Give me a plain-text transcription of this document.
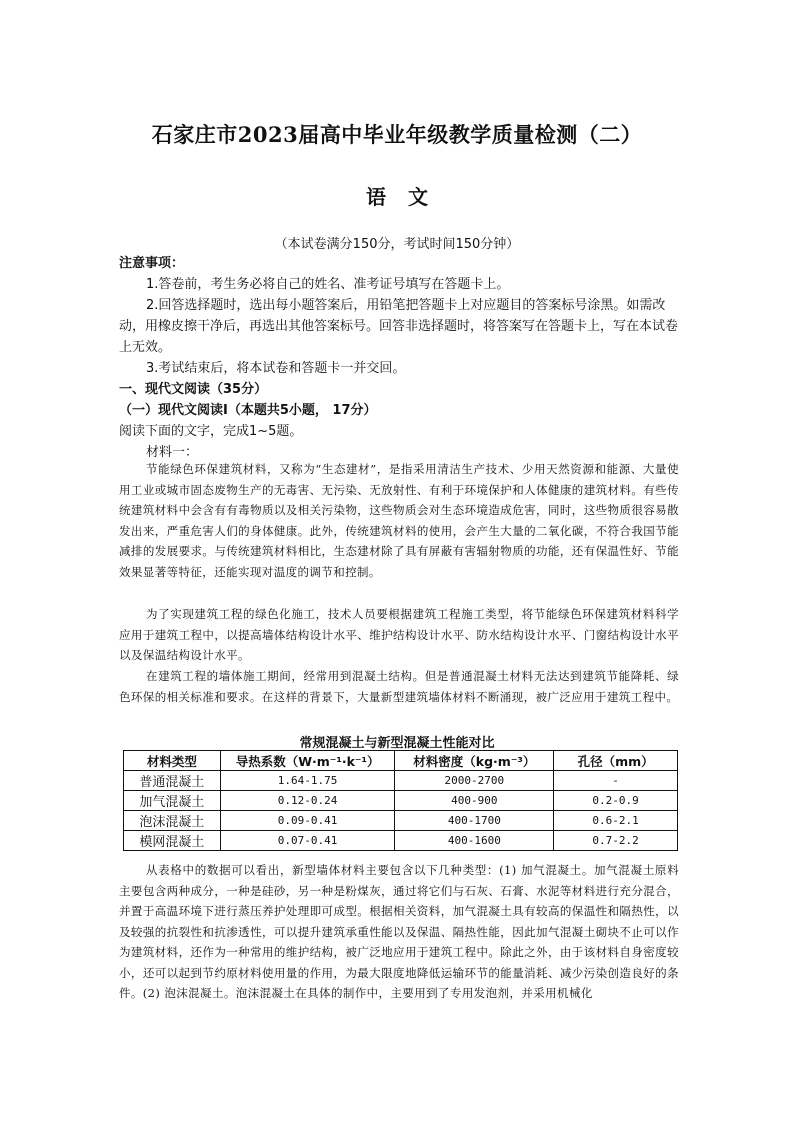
石家庄市2023届高中毕业年级教学质量检测（二）
语文
（本试卷满分150分，考试时间150分钟）
注意事项：

1.答卷前，考生务必将自己的姓名、准考证号填写在答题卡上。

2.回答选择题时，选出每小题答案后，用铅笔把答题卡上对应题目的答案标号涂黑。如需改动，用橡皮擦干净后，再选出其他答案标号。回答非选择题时，将答案写在答题卡上，写在本试卷上无效。

3.考试结束后，将本试卷和答题卡一并交回。

一、现代文阅读（35分）
（一）现代文阅读Ⅰ（本题共5小题， 17分）
阅读下面的文字，完成1~5题。
材料一：

节能绿色环保建筑材料，又称为“生态建材”，是指采用清洁生产技术、少用天然资源和能源、大量使用工业或城市固态废物生产的无毒害、无污染、无放射性、有利于环境保护和人体健康的建筑材料。有些传统建筑材料中会含有有毒物质以及相关污染物，这些物质会对生态环境造成危害，同时，这些物质很容易散发出来，严重危害人们的身体健康。此外，传统建筑材料的使用，会产生大量的二氧化碳，不符合我国节能减排的发展要求。与传统建筑材料相比，生态建材除了具有屏蔽有害辐射物质的功能，还有保温性好、节能效果显著等特征，还能实现对温度的调节和控制。

为了实现建筑工程的绿色化施工，技术人员要根据建筑工程施工类型，将节能绿色环保建筑材料科学应用于建筑工程中，以提高墙体结构设计水平、维护结构设计水平、防水结构设计水平、门窗结构设计水平以及保温结构设计水平。

在建筑工程的墙体施工期间，经常用到混凝土结构。但是普通混凝土材料无法达到建筑节能降耗、绿色环保的相关标准和要求。在这样的背景下，大量新型建筑墙体材料不断涌现，被广泛应用于建筑工程中。

常规混凝土与新型混凝土性能对比
材料类型	导热系数（W·m⁻¹·k⁻¹）	材料密度（kg·m⁻³）	孔径（mm）
普通混凝土	1.64-1.75	2000-2700	-
加气混凝土	0.12-0.24	400-900	0.2-0.9
泡沫混凝土	0.09-0.41	400-1700	0.6-2.1
模网混凝土	0.07-0.41	400-1600	0.7-2.2

从表格中的数据可以看出，新型墙体材料主要包含以下几种类型：(1) 加气混凝土。加气混凝土原料主要包含两种成分，一种是硅砂，另一种是粉煤灰，通过将它们与石灰、石膏、水泥等材料进行充分混合，并置于高温环境下进行蒸压养护处理即可成型。根据相关资料，加气混凝土具有较高的保温性和隔热性，以及较强的抗裂性和抗渗透性，可以提升建筑承重性能以及保温、隔热性能，因此加气混凝土砌块不止可以作为建筑材料，还作为一种常用的维护结构，被广泛地应用于建筑工程中。除此之外，由于该材料自身密度较小，还可以起到节约原材料使用量的作用，为最大限度地降低运输环节的能量消耗、减少污染创造良好的条件。(2) 泡沫混凝土。泡沫混凝土在具体的制作中，主要用到了专用发泡剂，并采用机械化
